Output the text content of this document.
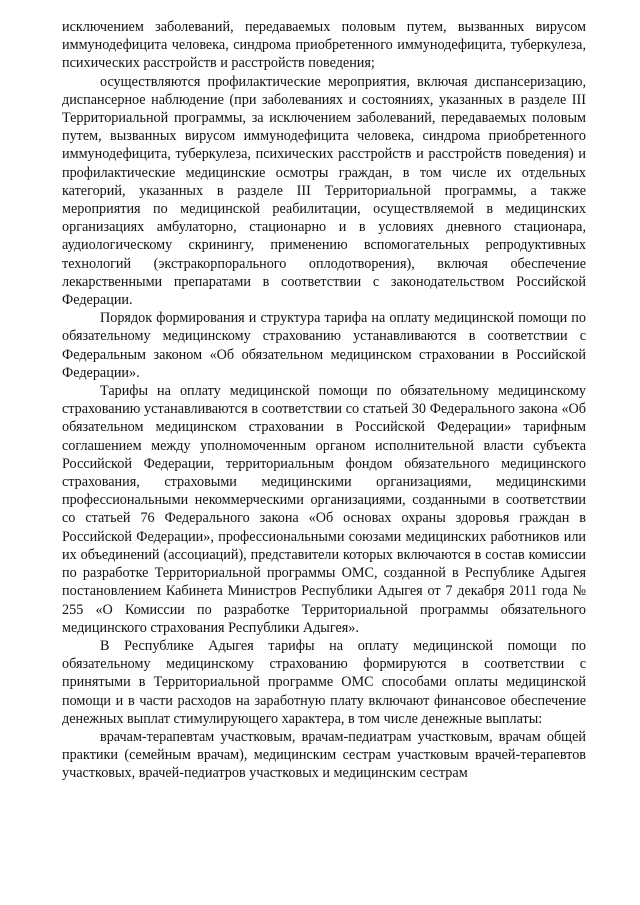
исключением заболеваний, передаваемых половым путем, вызванных вирусом иммунодефицита человека, синдрома приобретенного иммунодефицита, туберкулеза, психических расстройств и расстройств поведения;

осуществляются профилактические мероприятия, включая диспансеризацию, диспансерное наблюдение (при заболеваниях и состояниях, указанных в разделе III Территориальной программы, за исключением заболеваний, передаваемых половым путем, вызванных вирусом иммунодефицита человека, синдрома приобретенного иммунодефицита, туберкулеза, психических расстройств и расстройств поведения) и профилактические медицинские осмотры граждан, в том числе их отдельных категорий, указанных в разделе III Территориальной программы, а также мероприятия по медицинской реабилитации, осуществляемой в медицинских организациях амбулаторно, стационарно и в условиях дневного стационара, аудиологическому скринингу, применению вспомогательных репродуктивных технологий (экстракорпорального оплодотворения), включая обеспечение лекарственными препаратами в соответствии с законодательством Российской Федерации.

Порядок формирования и структура тарифа на оплату медицинской помощи по обязательному медицинскому страхованию устанавливаются в соответствии с Федеральным законом «Об обязательном медицинском страховании в Российской Федерации».

Тарифы на оплату медицинской помощи по обязательному медицинскому страхованию устанавливаются в соответствии со статьей 30 Федерального закона «Об обязательном медицинском страховании в Российской Федерации» тарифным соглашением между уполномоченным органом исполнительной власти субъекта Российской Федерации, территориальным фондом обязательного медицинского страхования, страховыми медицинскими организациями, медицинскими профессиональными некоммерческими организациями, созданными в соответствии со статьей 76 Федерального закона «Об основах охраны здоровья граждан в Российской Федерации», профессиональными союзами медицинских работников или их объединений (ассоциаций), представители которых включаются в состав комиссии по разработке Территориальной программы ОМС, созданной в Республике Адыгея постановлением Кабинета Министров Республики Адыгея от 7 декабря 2011 года № 255 «О Комиссии по разработке Территориальной программы обязательного медицинского страхования Республики Адыгея».

В Республике Адыгея тарифы на оплату медицинской помощи по обязательному медицинскому страхованию формируются в соответствии с принятыми в Территориальной программе ОМС способами оплаты медицинской помощи и в части расходов на заработную плату включают финансовое обеспечение денежных выплат стимулирующего характера, в том числе денежные выплаты:

врачам-терапевтам участковым, врачам-педиатрам участковым, врачам общей практики (семейным врачам), медицинским сестрам участковым врачей-терапевтов участковых, врачей-педиатров участковых и медицинским сестрам
